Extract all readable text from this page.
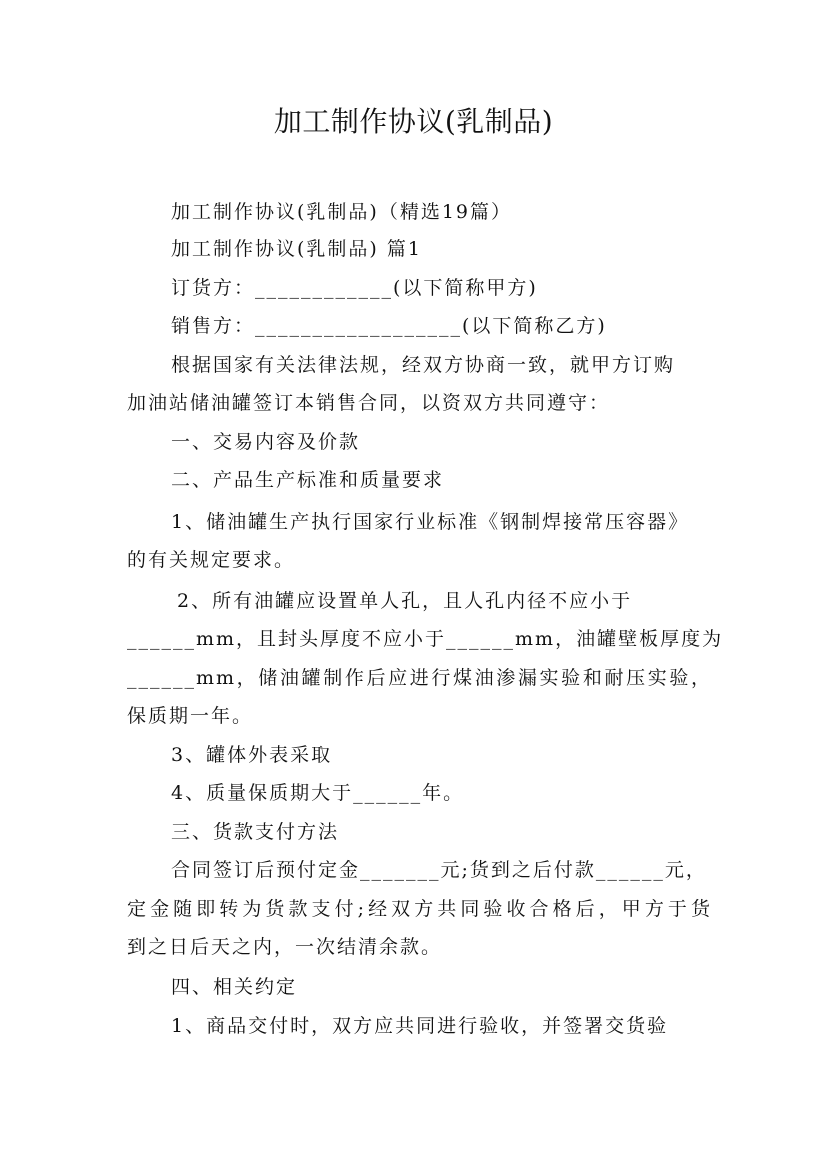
加工制作协议(乳制品)
加工制作协议(乳制品)（精选19篇）
加工制作协议(乳制品) 篇1
订货方：____________(以下简称甲方)
销售方：__________________(以下简称乙方)
根据国家有关法律法规，经双方协商一致，就甲方订购
加油站储油罐签订本销售合同，以资双方共同遵守：
一、交易内容及价款
二、产品生产标准和质量要求
1、储油罐生产执行国家行业标准《钢制焊接常压容器》
的有关规定要求。
2、所有油罐应设置单人孔，且人孔内径不应小于
______mm，且封头厚度不应小于______mm，油罐壁板厚度为
______mm，储油罐制作后应进行煤油渗漏实验和耐压实验，
保质期一年。
3、罐体外表采取
4、质量保质期大于______年。
三、货款支付方法
合同签订后预付定金_______元;货到之后付款______元，
定金随即转为货款支付;经双方共同验收合格后，甲方于货
到之日后天之内，一次结清余款。
四、相关约定
1、商品交付时，双方应共同进行验收，并签署交货验
